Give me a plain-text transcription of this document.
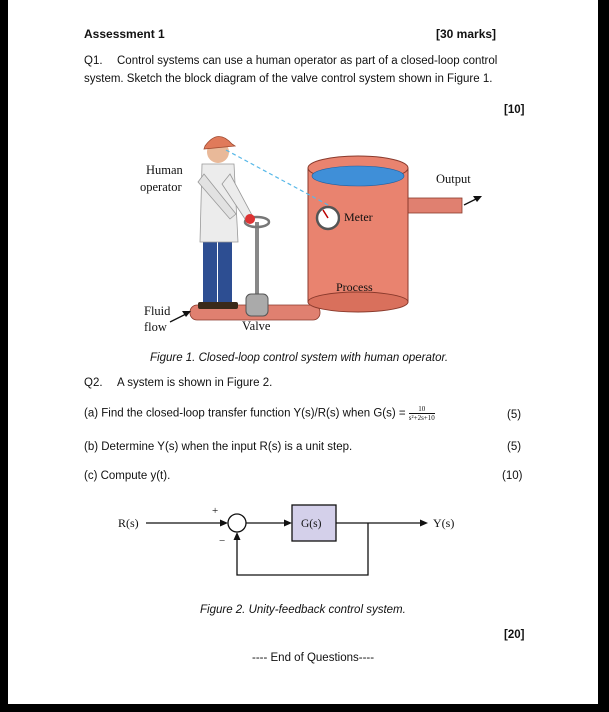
Assessment 1	[30 marks]
Q1. Control systems can use a human operator as part of a closed-loop control
system. Sketch the block diagram of the valve control system shown in Figure 1.
[10]
Meter
Process
Human
operator
Output
Fluid
flow	Valve
Figure 1. Closed-loop control system with human operator.
Q2. A system is shown in Figure 2.
(a) Find the closed-loop transfer function Y(s)/R(s) when $G(s) = \frac{10}{\text{s²+2s+10}}$	(5)
(b) Determine Y(s) when the input R(s) is a unit step.	(5)
(c) Compute y(t).	(10)
R(s)
+
−
G(s)	Y(s)
Figure 2. Unity-feedback control system.
[20]
---- End of Questions----
